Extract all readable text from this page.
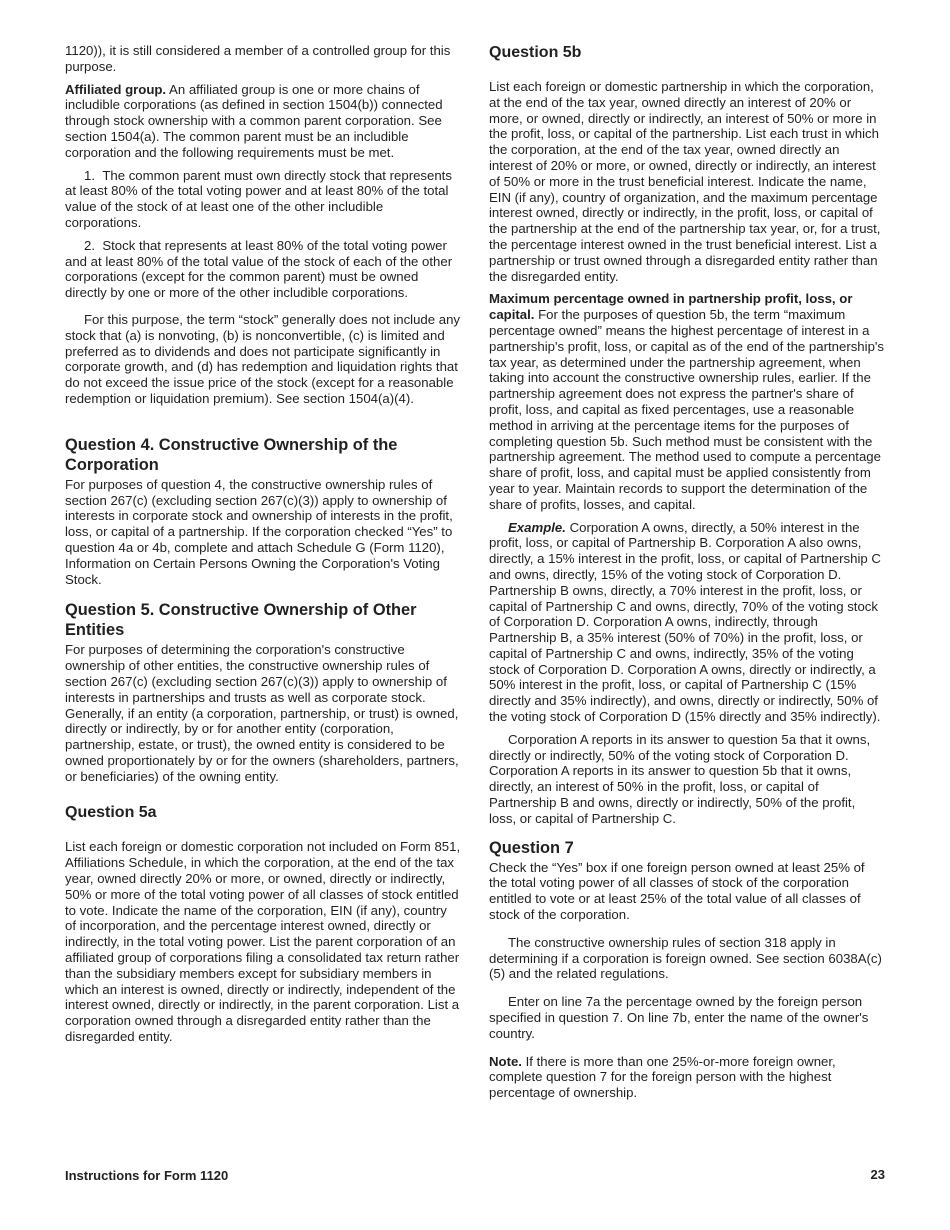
1120)), it is still considered a member of a controlled group for this purpose.

Affiliated group. An affiliated group is one or more chains of includible corporations (as defined in section 1504(b)) connected through stock ownership with a common parent corporation. See section 1504(a). The common parent must be an includible corporation and the following requirements must be met.

1.  The common parent must own directly stock that represents at least 80% of the total voting power and at least 80% of the total value of the stock of at least one of the other includible corporations.

2.  Stock that represents at least 80% of the total voting power and at least 80% of the total value of the stock of each of the other corporations (except for the common parent) must be owned directly by one or more of the other includible corporations.

For this purpose, the term “stock” generally does not include any stock that (a) is nonvoting, (b) is nonconvertible, (c) is limited and preferred as to dividends and does not participate significantly in corporate growth, and (d) has redemption and liquidation rights that do not exceed the issue price of the stock (except for a reasonable redemption or liquidation premium). See section 1504(a)(4).

Question 4. Constructive Ownership of the Corporation

For purposes of question 4, the constructive ownership rules of section 267(c) (excluding section 267(c)(3)) apply to ownership of interests in corporate stock and ownership of interests in the profit, loss, or capital of a partnership. If the corporation checked “Yes” to question 4a or 4b, complete and attach Schedule G (Form 1120), Information on Certain Persons Owning the Corporation's Voting Stock.

Question 5. Constructive Ownership of Other Entities

For purposes of determining the corporation's constructive ownership of other entities, the constructive ownership rules of section 267(c) (excluding section 267(c)(3)) apply to ownership of interests in partnerships and trusts as well as corporate stock. Generally, if an entity (a corporation, partnership, or trust) is owned, directly or indirectly, by or for another entity (corporation, partnership, estate, or trust), the owned entity is considered to be owned proportionately by or for the owners (shareholders, partners, or beneficiaries) of the owning entity.

Question 5a

List each foreign or domestic corporation not included on Form 851, Affiliations Schedule, in which the corporation, at the end of the tax year, owned directly 20% or more, or owned, directly or indirectly, 50% or more of the total voting power of all classes of stock entitled to vote. Indicate the name of the corporation, EIN (if any), country of incorporation, and the percentage interest owned, directly or indirectly, in the total voting power. List the parent corporation of an affiliated group of corporations filing a consolidated tax return rather than the subsidiary members except for subsidiary members in which an interest is owned, directly or indirectly, independent of the interest owned, directly or indirectly, in the parent corporation. List a corporation owned through a disregarded entity rather than the disregarded entity.

Question 5b

List each foreign or domestic partnership in which the corporation, at the end of the tax year, owned directly an interest of 20% or more, or owned, directly or indirectly, an interest of 50% or more in the profit, loss, or capital of the partnership. List each trust in which the corporation, at the end of the tax year, owned directly an interest of 20% or more, or owned, directly or indirectly, an interest of 50% or more in the trust beneficial interest. Indicate the name, EIN (if any), country of organization, and the maximum percentage interest owned, directly or indirectly, in the profit, loss, or capital of the partnership at the end of the partnership tax year, or, for a trust, the percentage interest owned in the trust beneficial interest. List a partnership or trust owned through a disregarded entity rather than the disregarded entity.

Maximum percentage owned in partnership profit, loss, or capital. For the purposes of question 5b, the term “maximum percentage owned” means the highest percentage of interest in a partnership's profit, loss, or capital as of the end of the partnership's tax year, as determined under the partnership agreement, when taking into account the constructive ownership rules, earlier. If the partnership agreement does not express the partner's share of profit, loss, and capital as fixed percentages, use a reasonable method in arriving at the percentage items for the purposes of completing question 5b. Such method must be consistent with the partnership agreement. The method used to compute a percentage share of profit, loss, and capital must be applied consistently from year to year. Maintain records to support the determination of the share of profits, losses, and capital.

Example. Corporation A owns, directly, a 50% interest in the profit, loss, or capital of Partnership B. Corporation A also owns, directly, a 15% interest in the profit, loss, or capital of Partnership C and owns, directly, 15% of the voting stock of Corporation D. Partnership B owns, directly, a 70% interest in the profit, loss, or capital of Partnership C and owns, directly, 70% of the voting stock of Corporation D. Corporation A owns, indirectly, through Partnership B, a 35% interest (50% of 70%) in the profit, loss, or capital of Partnership C and owns, indirectly, 35% of the voting stock of Corporation D. Corporation A owns, directly or indirectly, a 50% interest in the profit, loss, or capital of Partnership C (15% directly and 35% indirectly), and owns, directly or indirectly, 50% of the voting stock of Corporation D (15% directly and 35% indirectly).

Corporation A reports in its answer to question 5a that it owns, directly or indirectly, 50% of the voting stock of Corporation D. Corporation A reports in its answer to question 5b that it owns, directly, an interest of 50% in the profit, loss, or capital of Partnership B and owns, directly or indirectly, 50% of the profit, loss, or capital of Partnership C.

Question 7

Check the “Yes” box if one foreign person owned at least 25% of the total voting power of all classes of stock of the corporation entitled to vote or at least 25% of the total value of all classes of stock of the corporation.

The constructive ownership rules of section 318 apply in determining if a corporation is foreign owned. See section 6038A(c)(5) and the related regulations.

Enter on line 7a the percentage owned by the foreign person specified in question 7. On line 7b, enter the name of the owner's country.

Note. If there is more than one 25%-or-more foreign owner, complete question 7 for the foreign person with the highest percentage of ownership.

Instructions for Form 1120	23
